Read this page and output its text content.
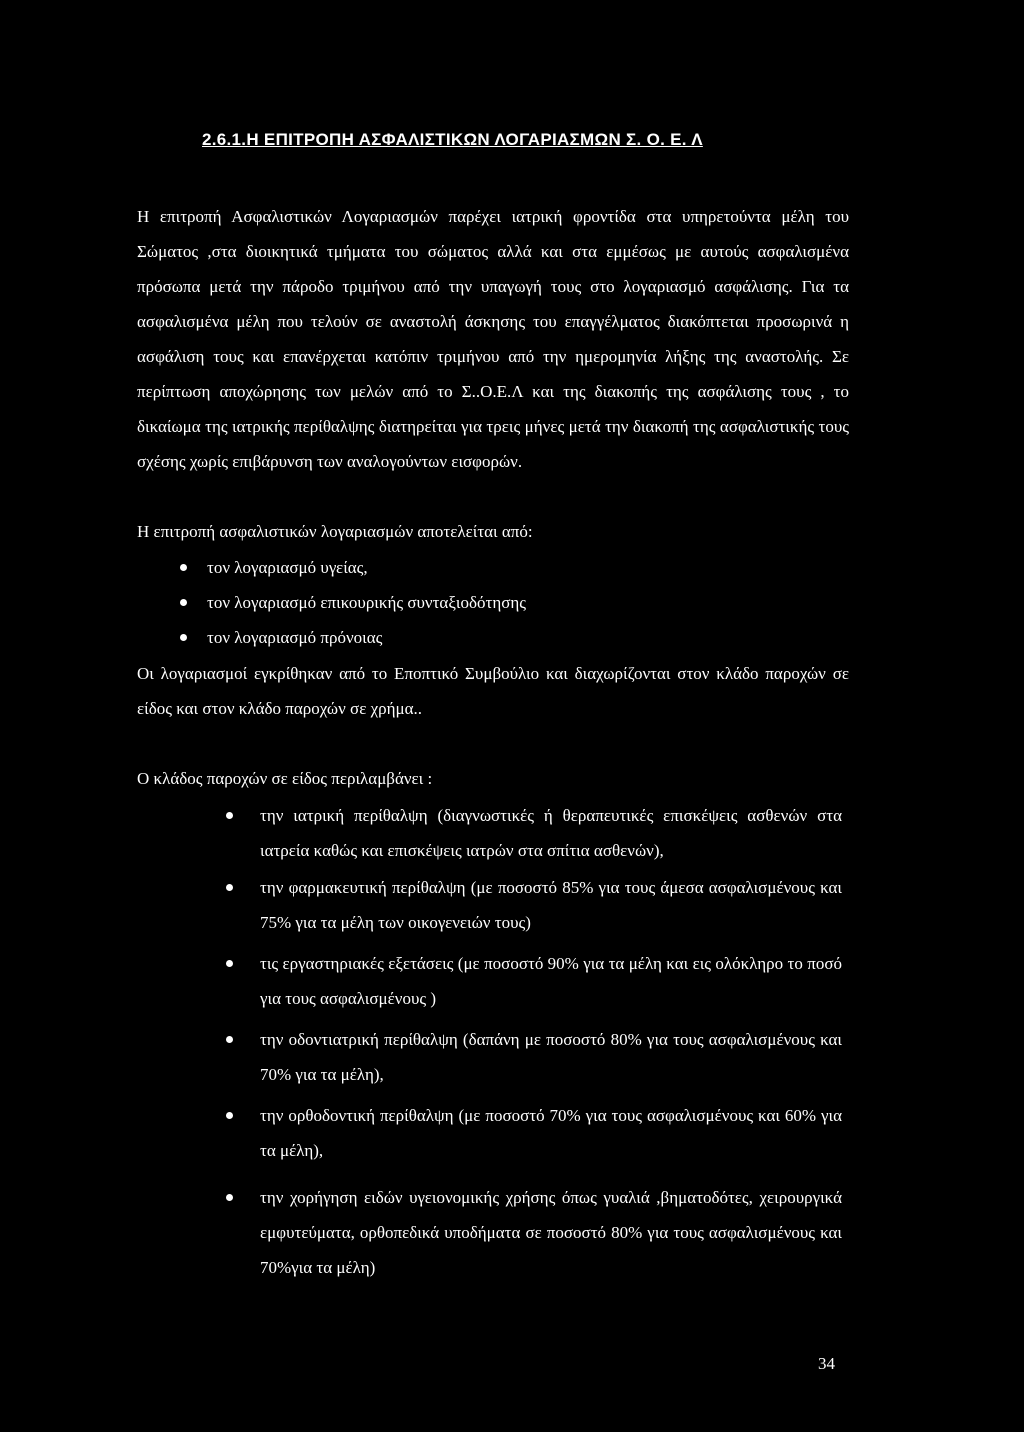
2.6.1.Η ΕΠΙΤΡΟΠΗ ΑΣΦΑΛΙΣΤΙΚΩΝ ΛΟΓΑΡΙΑΣΜΩΝ Σ. Ο. Ε. Λ

Η επιτροπή Ασφαλιστικών Λογαριασμών παρέχει ιατρική φροντίδα στα υπηρετούντα μέλη του Σώματος ,στα διοικητικά τμήματα του σώματος αλλά και στα εμμέσως με αυτούς ασφαλισμένα πρόσωπα μετά την πάροδο τριμήνου από την υπαγωγή τους στο λογαριασμό ασφάλισης. Για τα ασφαλισμένα μέλη που τελούν σε αναστολή άσκησης του επαγγέλματος διακόπτεται προσωρινά η ασφάλιση τους και επανέρχεται κατόπιν τριμήνου από την ημερομηνία λήξης της αναστολής. Σε περίπτωση αποχώρησης των μελών από το Σ..Ο.Ε.Λ και της διακοπής της ασφάλισης τους , το δικαίωμα της ιατρικής περίθαλψης διατηρείται για τρεις μήνες μετά την διακοπή της ασφαλιστικής τους σχέσης χωρίς επιβάρυνση των αναλογούντων εισφορών.

Η επιτροπή ασφαλιστικών λογαριασμών αποτελείται από:

τον λογαριασμό υγείας,
τον λογαριασμό επικουρικής συνταξιοδότησης
τον λογαριασμό πρόνοιας

Οι λογαριασμοί εγκρίθηκαν από το Εποπτικό Συμβούλιο και διαχωρίζονται στον κλάδο παροχών σε είδος και στον κλάδο παροχών σε χρήμα..

Ο κλάδος παροχών σε είδος περιλαμβάνει :

την ιατρική περίθαλψη (διαγνωστικές ή θεραπευτικές επισκέψεις ασθενών στα ιατρεία καθώς και επισκέψεις ιατρών στα σπίτια ασθενών),
την φαρμακευτική περίθαλψη (με ποσοστό 85% για τους άμεσα ασφαλισμένους και 75% για τα μέλη των οικογενειών τους)
τις εργαστηριακές εξετάσεις (με ποσοστό 90% για τα μέλη και εις ολόκληρο το ποσό για τους ασφαλισμένους )
την οδοντιατρική περίθαλψη (δαπάνη με ποσοστό 80% για τους ασφαλισμένους και 70% για τα μέλη),
την ορθοδοντική περίθαλψη (με ποσοστό 70% για τους ασφαλισμένους και 60% για τα μέλη),
την χορήγηση ειδών υγειονομικής χρήσης όπως γυαλιά ,βηματοδότες, χειρουργικά εμφυτεύματα, ορθοπεδικά υποδήματα σε ποσοστό 80% για τους ασφαλισμένους και 70%για τα μέλη)

34
